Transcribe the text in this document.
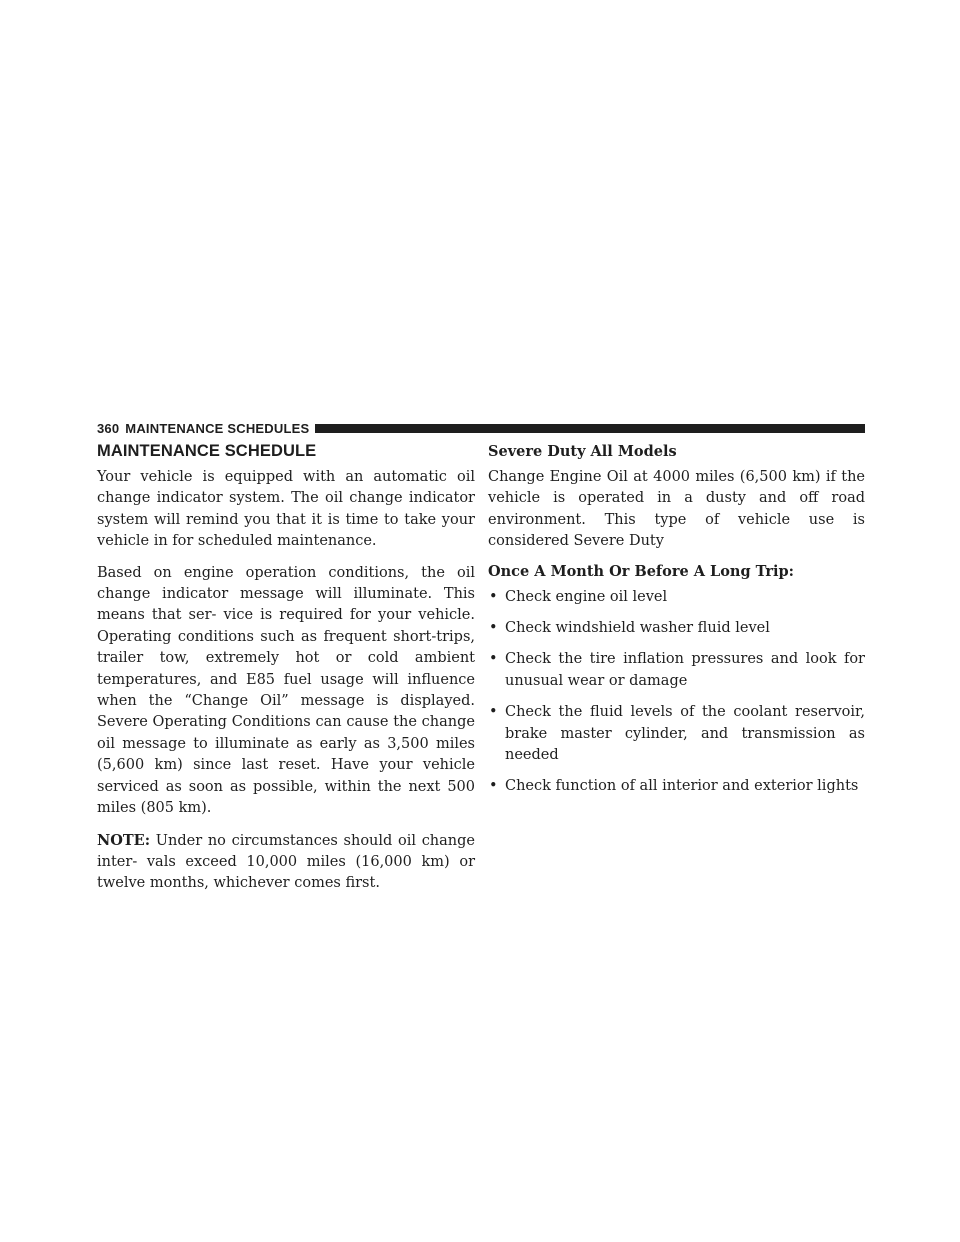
360 MAINTENANCE SCHEDULES
MAINTENANCE SCHEDULE

Your vehicle is equipped with an automatic oil change indicator system. The oil change indicator system will remind you that it is time to take your vehicle in for scheduled maintenance.

Based on engine operation conditions, the oil change indicator message will illuminate. This means that ser- vice is required for your vehicle. Operating conditions such as frequent short-trips, trailer tow, extremely hot or cold ambient temperatures, and E85 fuel usage will influence when the “Change Oil” message is displayed. Severe Operating Conditions can cause the change oil message to illuminate as early as 3,500 miles (5,600 km) since last reset. Have your vehicle serviced as soon as possible, within the next 500 miles (805 km).

NOTE: Under no circumstances should oil change inter- vals exceed 10,000 miles (16,000 km) or twelve months, whichever comes first.

Severe Duty All Models

Change Engine Oil at 4000 miles (6,500 km) if the vehicle is operated in a dusty and off road environment. This type of vehicle use is considered Severe Duty

Once A Month Or Before A Long Trip:
• Check engine oil level
• Check windshield washer fluid level
• Check the tire inflation pressures and look for unusual wear or damage
• Check the fluid levels of the coolant reservoir, brake master cylinder, and transmission as needed
• Check function of all interior and exterior lights
